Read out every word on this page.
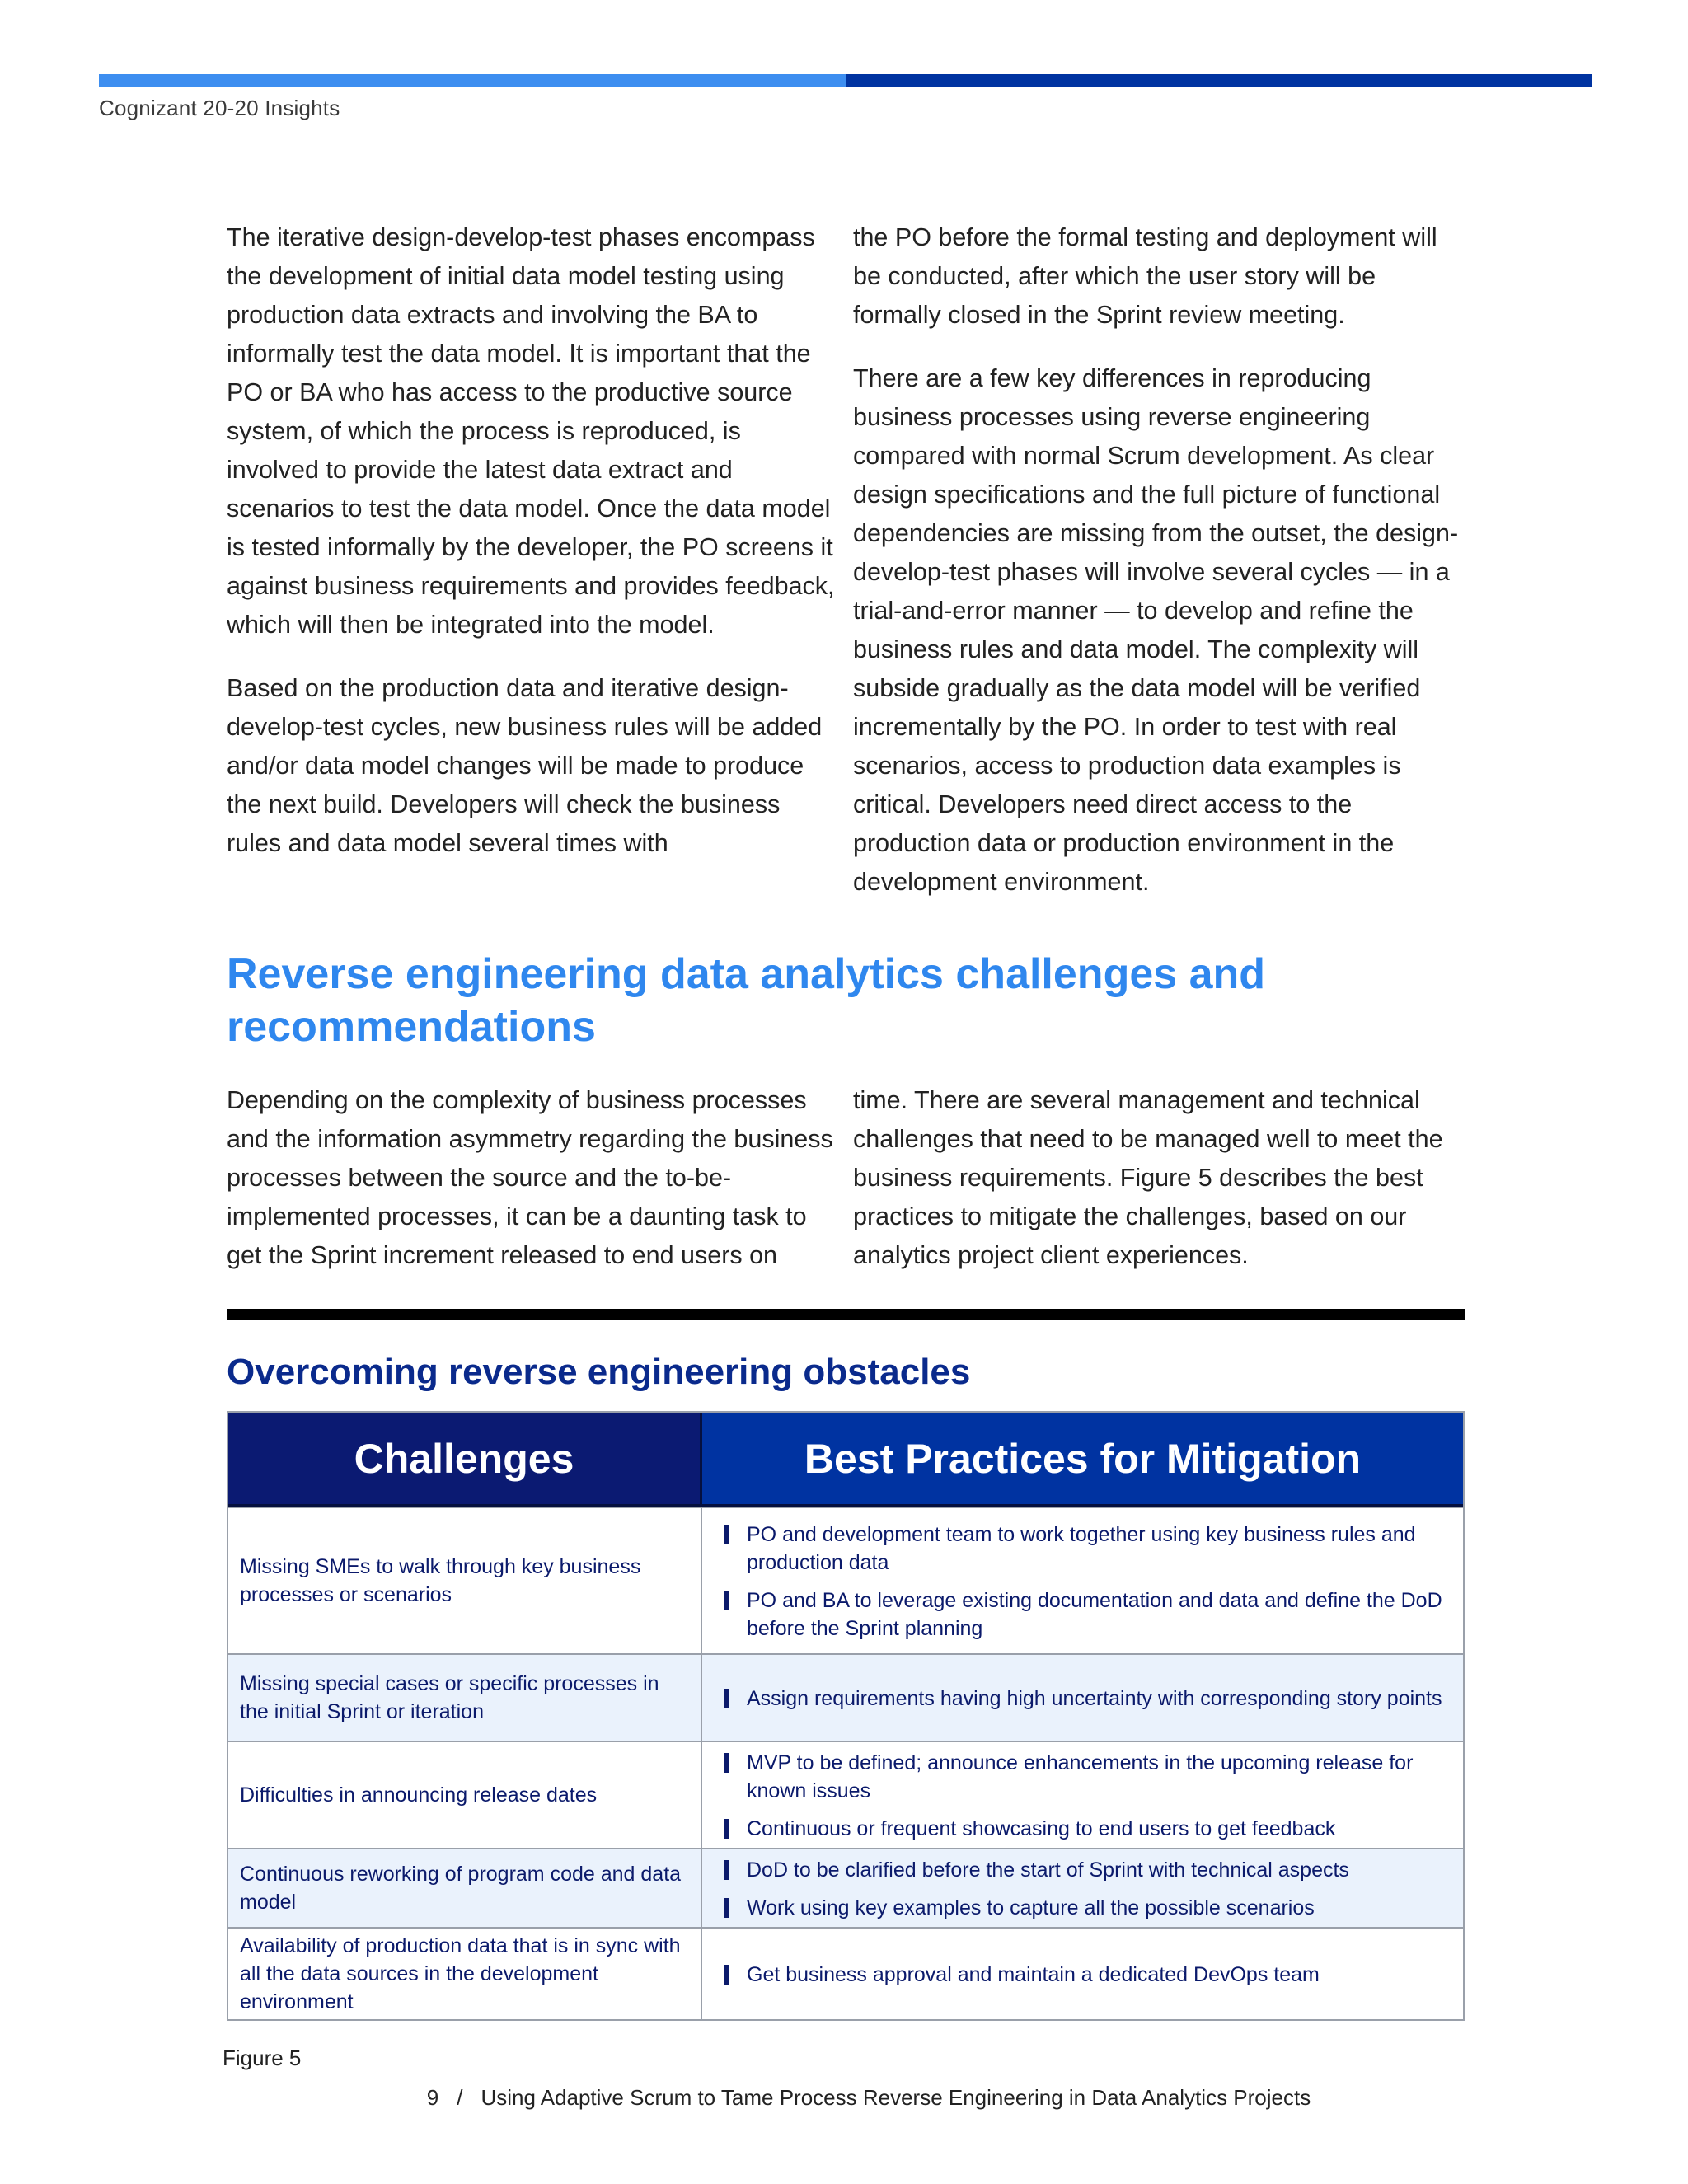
Cognizant 20-20 Insights

The iterative design-develop-test phases encompass the development of initial data model testing using production data extracts and involving the BA to informally test the data model. It is important that the PO or BA who has access to the productive source system, of which the process is reproduced, is involved to provide the latest data extract and scenarios to test the data model. Once the data model is tested informally by the developer, the PO screens it against business requirements and provides feedback, which will then be integrated into the model.

Based on the production data and iterative design-develop-test cycles, new business rules will be added and/or data model changes will be made to produce the next build. Developers will check the business rules and data model several times with

the PO before the formal testing and deployment will be conducted, after which the user story will be formally closed in the Sprint review meeting.

There are a few key differences in reproducing business processes using reverse engineering compared with normal Scrum development. As clear design specifications and the full picture of functional dependencies are missing from the outset, the design-develop-test phases will involve several cycles — in a trial-and-error manner — to develop and refine the business rules and data model. The complexity will subside gradually as the data model will be verified incrementally by the PO. In order to test with real scenarios, access to production data examples is critical. Developers need direct access to the production data or production environment in the development environment.

Reverse engineering data analytics challenges and recommendations

Depending on the complexity of business processes and the information asymmetry regarding the business processes between the source and the to-be-implemented processes, it can be a daunting task to get the Sprint increment released to end users on

time. There are several management and technical challenges that need to be managed well to meet the business requirements. Figure 5 describes the best practices to mitigate the challenges, based on our analytics project client experiences.

Overcoming reverse engineering obstacles
Challenges	Best Practices for Mitigation
Missing SMEs to walk through key business processes or scenarios
PO and development team to work together using key business rules and production data
PO and BA to leverage existing documentation and data and define the DoD before the Sprint planning
Missing special cases or specific processes in the initial Sprint or iteration
Assign requirements having high uncertainty with corresponding story points
Difficulties in announcing release dates
MVP to be defined; announce enhancements in the upcoming release for known issues
Continuous or frequent showcasing to end users to get feedback
Continuous reworking of program code and data model
DoD to be clarified before the start of Sprint with technical aspects
Work using key examples to capture all the possible scenarios
Availability of production data that is in sync with all the data sources in the development environment
Get business approval and maintain a dedicated DevOps team
Figure 5
9 / Using Adaptive Scrum to Tame Process Reverse Engineering in Data Analytics Projects
